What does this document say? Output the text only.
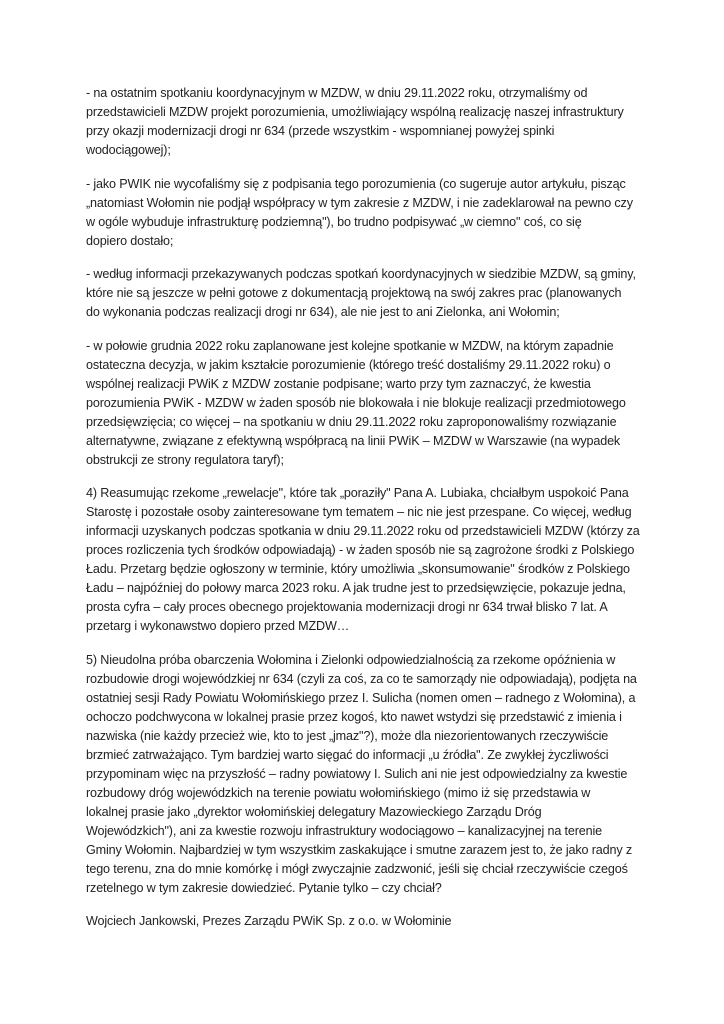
- na ostatnim spotkaniu koordynacyjnym w MZDW, w dniu 29.11.2022 roku, otrzymaliśmy od
przedstawicieli MZDW projekt porozumienia, umożliwiający wspólną realizację naszej infrastruktury
przy okazji modernizacji drogi nr 634 (przede wszystkim - wspomnianej powyżej spinki
wodociągowej);
- jako PWIK nie wycofaliśmy się z podpisania tego porozumienia (co sugeruje autor artykułu, pisząc
„natomiast Wołomin nie podjął współpracy w tym zakresie z MZDW, i nie zadeklarował na pewno czy
w ogóle wybuduje infrastrukturę podziemną"), bo trudno podpisywać „w ciemno" coś, co się
dopiero dostało;
- według informacji przekazywanych podczas spotkań koordynacyjnych w siedzibie MZDW, są gminy,
które nie są jeszcze w pełni gotowe z dokumentacją projektową na swój zakres prac (planowanych
do wykonania podczas realizacji drogi nr 634), ale nie jest to ani Zielonka, ani Wołomin;
- w połowie grudnia 2022 roku zaplanowane jest kolejne spotkanie w MZDW, na którym zapadnie
ostateczna decyzja, w jakim kształcie porozumienie (którego treść dostaliśmy 29.11.2022 roku) o
wspólnej realizacji PWiK z MZDW zostanie podpisane; warto przy tym zaznaczyć, że kwestia
porozumienia PWiK - MZDW w żaden sposób nie blokowała i nie blokuje realizacji przedmiotowego
przedsięwzięcia; co więcej – na spotkaniu w dniu 29.11.2022 roku zaproponowaliśmy rozwiązanie
alternatywne, związane z efektywną współpracą na linii PWiK – MZDW w Warszawie (na wypadek
obstrukcji ze strony regulatora taryf);
4) Reasumując rzekome „rewelacje", które tak „poraziły" Pana A. Lubiaka, chciałbym uspokoić Pana
Starostę i pozostałe osoby zainteresowane tym tematem – nic nie jest przespane. Co więcej, według
informacji uzyskanych podczas spotkania w dniu 29.11.2022 roku od przedstawicieli MZDW (którzy za
proces rozliczenia tych środków odpowiadają) - w żaden sposób nie są zagrożone środki z Polskiego
Ładu. Przetarg będzie ogłoszony w terminie, który umożliwia „skonsumowanie" środków z Polskiego
Ładu – najpóźniej do połowy marca 2023 roku. A jak trudne jest to przedsięwzięcie, pokazuje jedna,
prosta cyfra – cały proces obecnego projektowania modernizacji drogi nr 634 trwał blisko 7 lat. A
przetarg i wykonawstwo dopiero przed MZDW…
5) Nieudolna próba obarczenia Wołomina i Zielonki odpowiedzialnością za rzekome opóźnienia w
rozbudowie drogi wojewódzkiej nr 634 (czyli za coś, za co te samorządy nie odpowiadają), podjęta na
ostatniej sesji Rady Powiatu Wołomińskiego przez I. Sulicha (nomen omen – radnego z Wołomina), a
ochoczo podchwycona w lokalnej prasie przez kogoś, kto nawet wstydzi się przedstawić z imienia i
nazwiska (nie każdy przecież wie, kto to jest „jmaz"?), może dla niezorientowanych rzeczywiście
brzmieć zatrważająco. Tym bardziej warto sięgać do informacji „u źródła". Ze zwykłej życzliwości
przypominam więc na przyszłość – radny powiatowy I. Sulich ani nie jest odpowiedzialny za kwestie
rozbudowy dróg wojewódzkich na terenie powiatu wołomińskiego (mimo iż się przedstawia w
lokalnej prasie jako „dyrektor wołomińskiej delegatury Mazowieckiego Zarządu Dróg
Wojewódzkich"), ani za kwestie rozwoju infrastruktury wodociągowo – kanalizacyjnej na terenie
Gminy Wołomin. Najbardziej w tym wszystkim zaskakujące i smutne zarazem jest to, że jako radny z
tego terenu, zna do mnie komórkę i mógł zwyczajnie zadzwonić, jeśli się chciał rzeczywiście czegoś
rzetelnego w tym zakresie dowiedzieć. Pytanie tylko – czy chciał?
Wojciech Jankowski, Prezes Zarządu PWiK Sp. z o.o. w Wołominie
